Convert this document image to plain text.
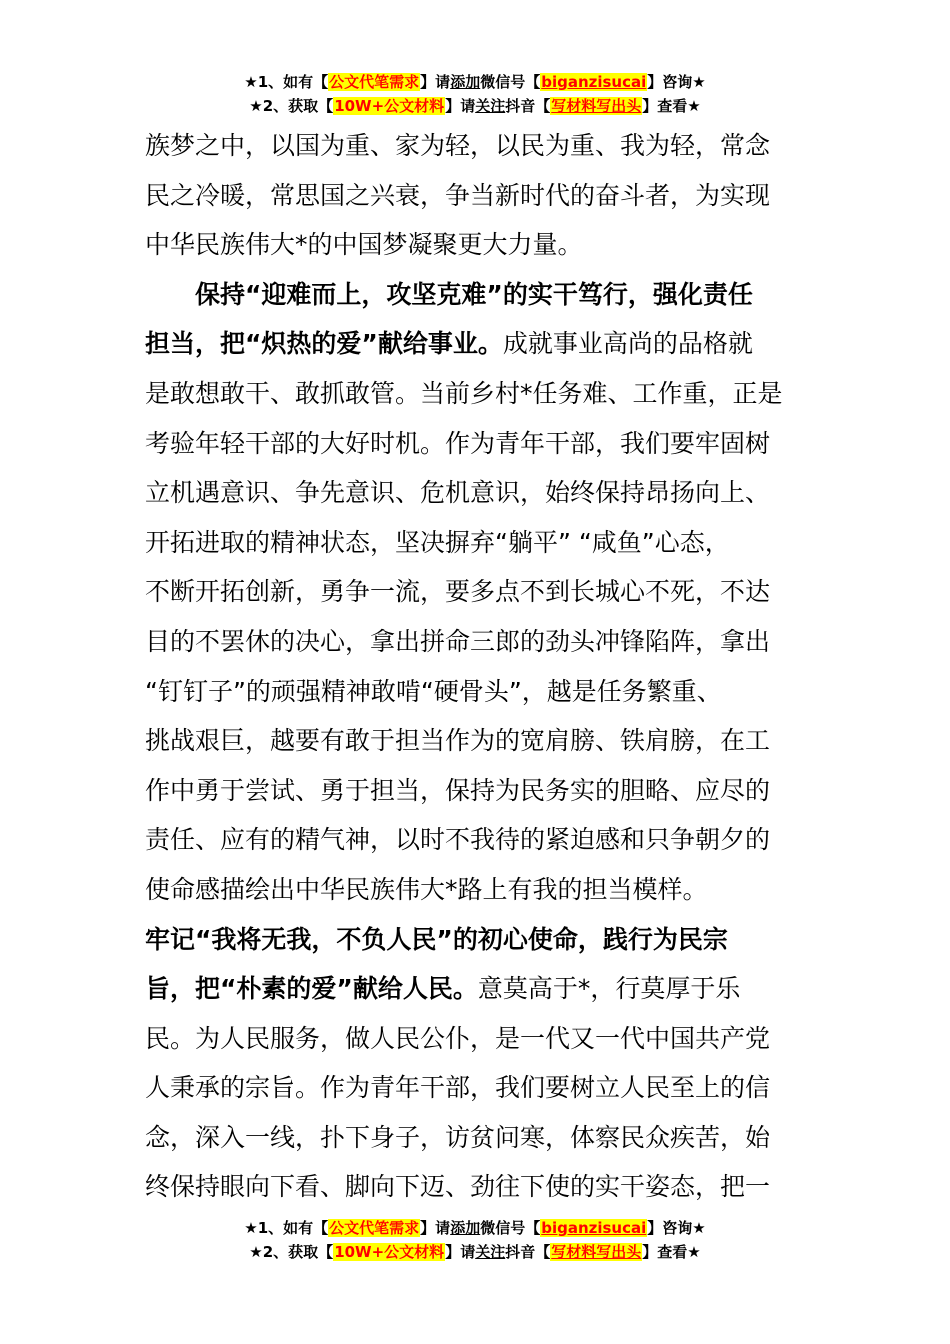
★1、如有【公文代笔需求】请添加微信号【biganzisucai】咨询★
★2、获取【10W+公文材料】请关注抖音【写材料写出头】查看★
族梦之中，以国为重、家为轻，以民为重、我为轻，常念
民之冷暖，常思国之兴衰，争当新时代的奋斗者，为实现
中华民族伟大*的中国梦凝聚更大力量。
保持“迎难而上，攻坚克难”的实干笃行，强化责任
担当，把“炽热的爱”献给事业。成就事业高尚的品格就
是敢想敢干、敢抓敢管。当前乡村*任务难、工作重，正是
考验年轻干部的大好时机。作为青年干部，我们要牢固树
立机遇意识、争先意识、危机意识，始终保持昂扬向上、
开拓进取的精神状态，坚决摒弃“躺平” “咸鱼”心态，
不断开拓创新，勇争一流，要多点不到长城心不死，不达
目的不罢休的决心，拿出拼命三郎的劲头冲锋陷阵，拿出
“钉钉子”的顽强精神敢啃“硬骨头”，越是任务繁重、
挑战艰巨，越要有敢于担当作为的宽肩膀、铁肩膀，在工
作中勇于尝试、勇于担当，保持为民务实的胆略、应尽的
责任、应有的精气神，以时不我待的紧迫感和只争朝夕的
使命感描绘出中华民族伟大*路上有我的担当模样。
牢记“我将无我，不负人民”的初心使命，践行为民宗
旨，把“朴素的爱”献给人民。意莫高于*，行莫厚于乐
民。为人民服务，做人民公仆，是一代又一代中国共产党
人秉承的宗旨。作为青年干部，我们要树立人民至上的信
念，深入一线，扑下身子，访贫问寒，体察民众疾苦，始
终保持眼向下看、脚向下迈、劲往下使的实干姿态，把一
★1、如有【公文代笔需求】请添加微信号【biganzisucai】咨询★
★2、获取【10W+公文材料】请关注抖音【写材料写出头】查看★
